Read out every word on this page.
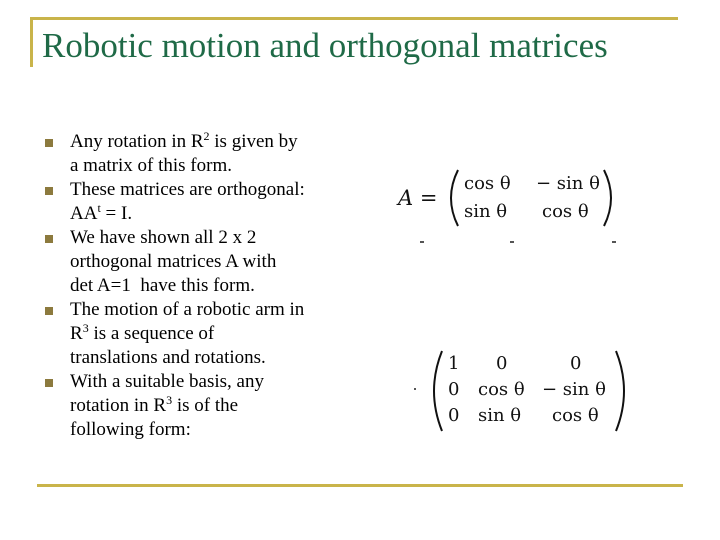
Robotic motion and orthogonal matrices
Any rotation in $R^2$ is given by
a matrix of this form.
These matrices are orthogonal:
$AA^t = I$.
We have shown all 2 x 2
orthogonal matrices A with
det A=1  have this form.
The motion of a robotic arm in
$R^3$ is a sequence of
translations and rotations.
With a suitable basis, any
rotation in $R^3$ is of the
following form:
A =
cos θ − sin θ
sin θ cos θ
1 0	0
0 cos θ − sin θ
0 sin θ cos θ
